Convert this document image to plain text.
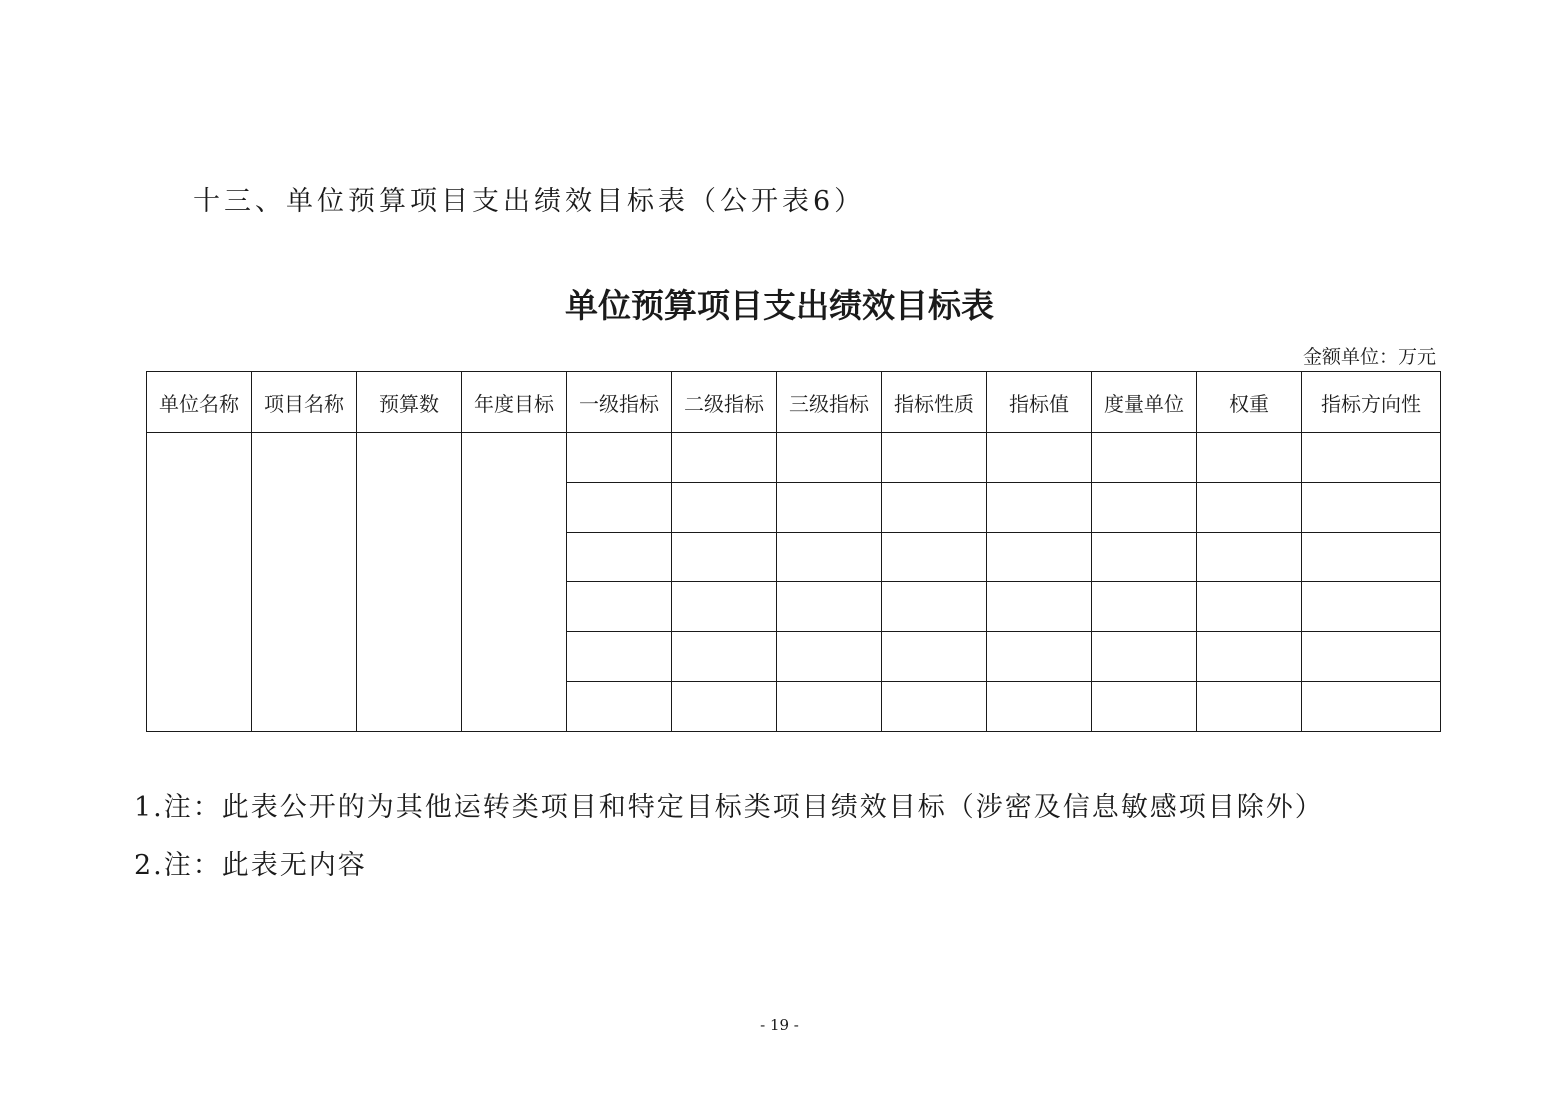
十三、单位预算项目支出绩效目标表（公开表6）
单位预算项目支出绩效目标表
金额单位：万元
单位名称	项目名称	预算数	年度目标	一级指标	二级指标	三级指标	指标性质	指标值	度量单位	权重	指标方向性

1.注：此表公开的为其他运转类项目和特定目标类项目绩效目标（涉密及信息敏感项目除外）
2.注：此表无内容
- 19 -
